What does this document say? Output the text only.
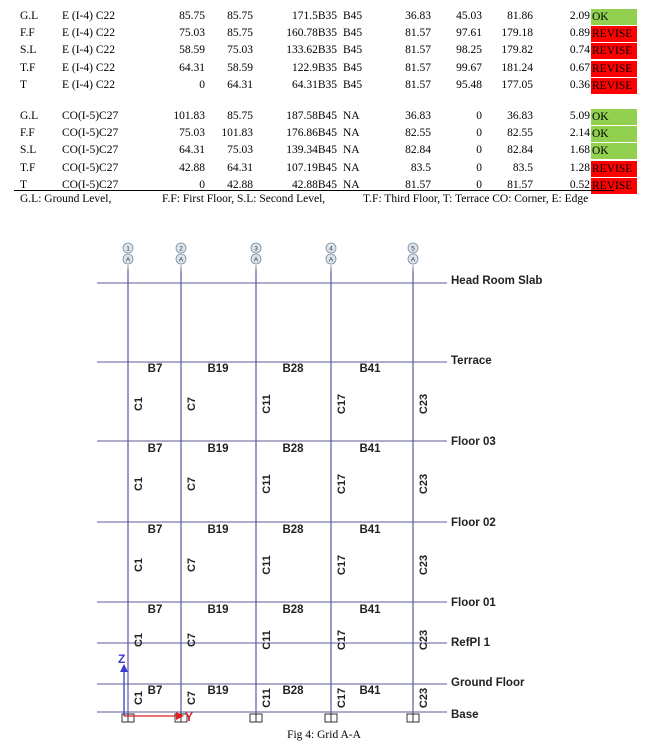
G.L	E (I-4) C22	85.75	85.75	171.5B35 B45	36.83	45.03	81.86	2.09 OK
F.F	E (I-4) C22	75.03	85.75	160.78B35 B45	81.57	97.61	179.18	0.89 REVISE
S.L	E (I-4) C22	58.59	75.03	133.62B35 B45	81.57	98.25	179.82	0.74 REVISE
T.F	E (I-4) C22	64.31	58.59	122.9B35 B45	81.57	99.67	181.24	0.67 REVISE
T	E (I-4) C22	0	64.31	64.31B35 B45	81.57	95.48	177.05	0.36 REVISE
G.L	CO(I-5)C27	101.83	85.75	187.58B45 NA	36.83	0	36.83	5.09 OK
F.F	CO(I-5)C27	75.03	101.83	176.86B45 NA	82.55	0	82.55	2.14 OK
S.L	CO(I-5)C27	64.31	75.03	139.34B45 NA	82.84	0	82.84	1.68 OK
T.F	CO(I-5)C27	42.88	64.31	107.19B45 NA	83.5	0	83.5	1.28 REVISE
T	CO(I-5)C27	0	42.88	42.88B45 NA	81.57	0	81.57	0.52 REVISE
G.L: Ground Level,	F.F: First Floor, S.L: Second Level,	T.F: Third Floor, T: Terrace CO: Corner, E: Edge
Head Room Slab
Terrace
Floor 03
Floor 02
Floor 01
RefPl 1
Ground Floor
Base
1
A
2
A
3
A
4
A
5
A
B7	B19	B28	B41
B7	B19	B28	B41
B7	B19	B28	B41
B7	B19	B28	B41
B7	B19	B28	B41
C1	C7	C11	C17	C23
C1	C7	C11	C17	C23
C1	C7	C11	C17	C23
C1	C7	C11	C17	C23
C1	C7	C11	C17	C23
Z
Y
Fig 4: Grid A-A
